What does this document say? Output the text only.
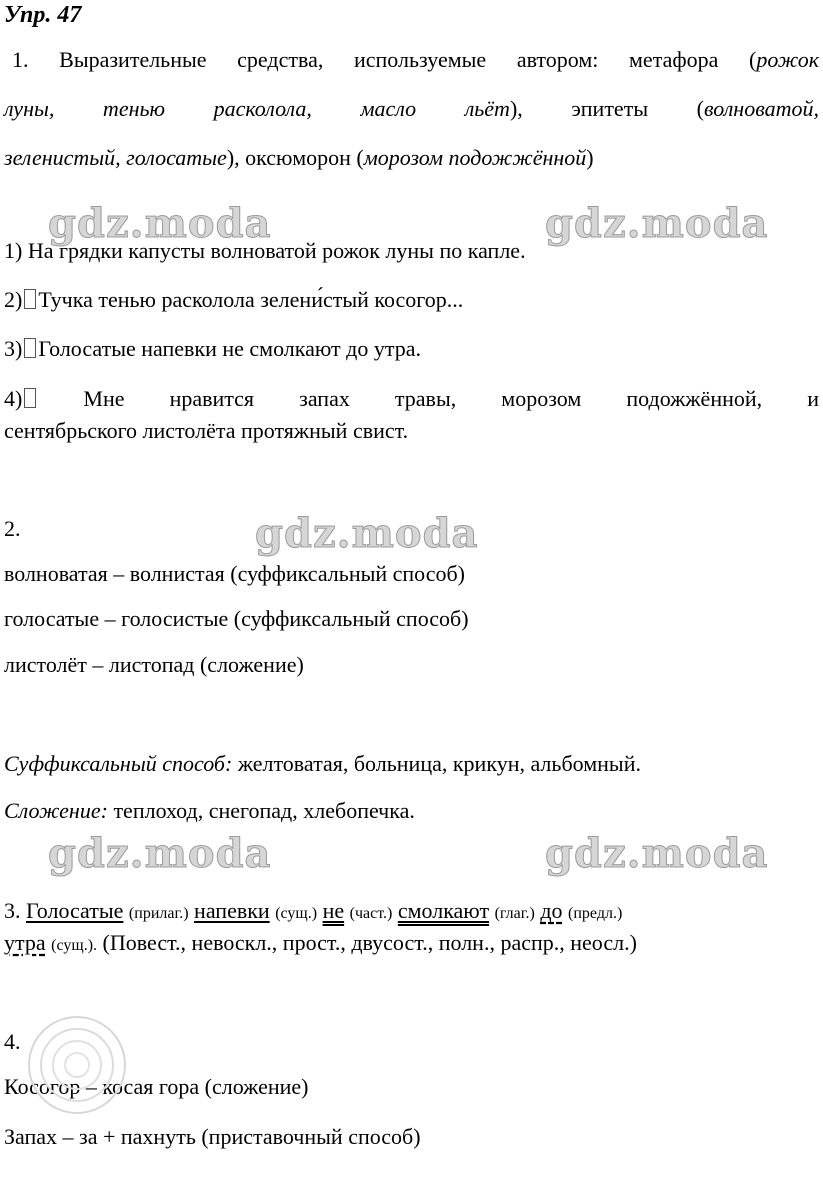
Упр. 47
1. Выразительные средства, используемые автором: метафора (рожок
луны, тенью расколола, масло льёт), эпитеты (волноватой,
зеленистый, голосатые), оксюморон (морозом подожжённой)
1) На грядки капусты волноватой рожок луны по капле.
2) Тучка тенью расколола зелени́стый косогор...
3) Голосатые напевки не смолкают до утра.
4)	Мне нравится запах травы, морозом подожжённой, и
сентябрьского листолёта протяжный свист.
2.
волноватая – волнистая (суффиксальный способ)
голосатые – голосистые (суффиксальный способ)
листолёт – листопад (сложение)
Суффиксальный способ: желтоватая, больница, крикун, альбомный.
Сложение: теплоход, снегопад, хлебопечка.
3. Голосатые (прилаг.) напевки (сущ.) не (част.) смолкают (глаг.) до (предл.)
утра (сущ.). (Повест., невоскл., прост., двусост., полн., распр., неосл.)
4.
Косогор – косая гора (сложение)
Запах – за + пахнуть (приставочный способ)
gdz.moda	gdz.moda
gdz.moda
gdz.moda	gdz.moda
